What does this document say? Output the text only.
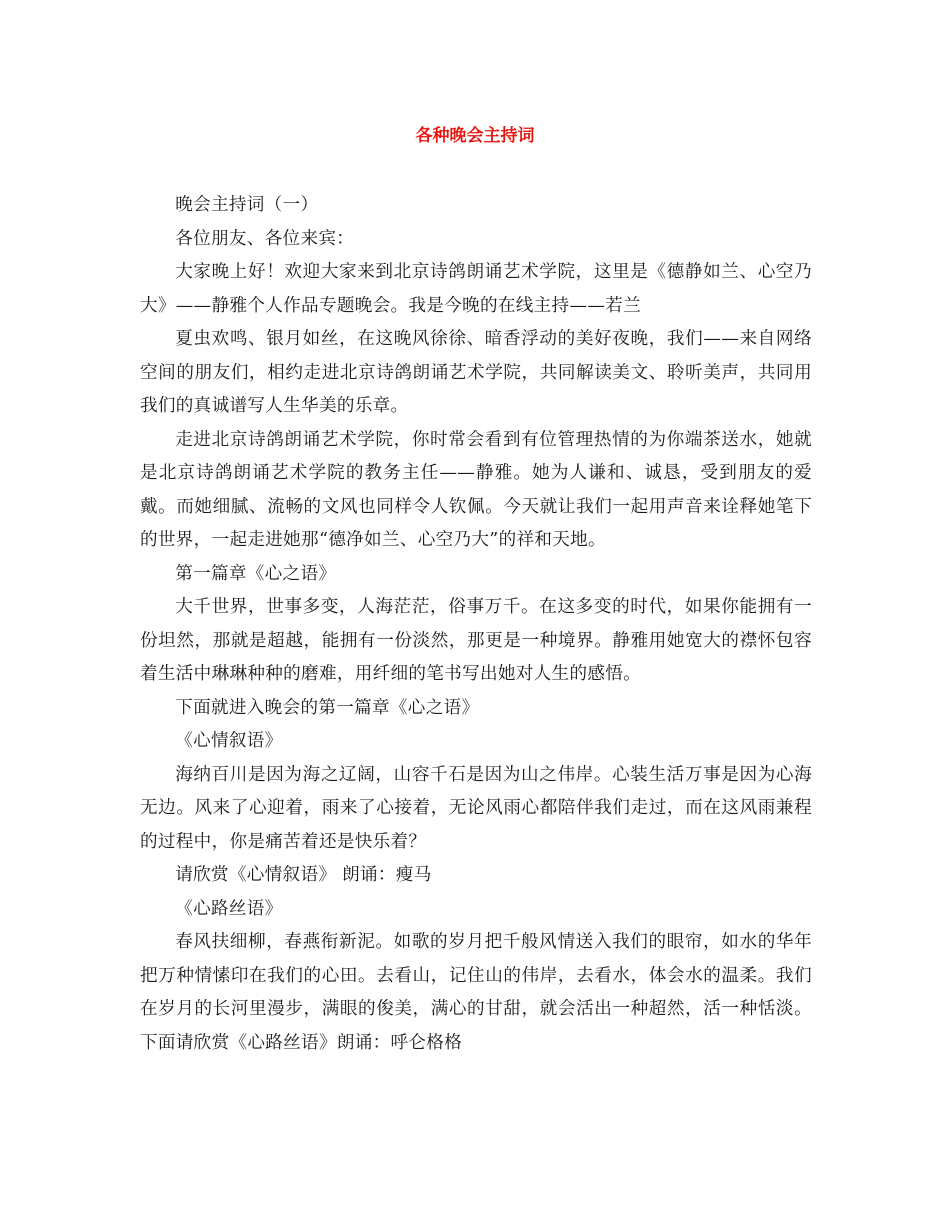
各种晚会主持词

晚会主持词（一）

各位朋友、各位来宾：

大家晚上好！欢迎大家来到北京诗鸽朗诵艺术学院，这里是《德静如兰、心空乃大》——静雅个人作品专题晚会。我是今晚的在线主持——若兰

夏虫欢鸣、银月如丝，在这晚风徐徐、暗香浮动的美好夜晚，我们——来自网络空间的朋友们，相约走进北京诗鸽朗诵艺术学院，共同解读美文、聆听美声，共同用我们的真诚谱写人生华美的乐章。

走进北京诗鸽朗诵艺术学院，你时常会看到有位管理热情的为你端茶送水，她就是北京诗鸽朗诵艺术学院的教务主任——静雅。她为人谦和、诚恳，受到朋友的爱戴。而她细腻、流畅的文风也同样令人钦佩。今天就让我们一起用声音来诠释她笔下的世界，一起走进她那“德净如兰、心空乃大”的祥和天地。

第一篇章《心之语》

大千世界，世事多变，人海茫茫，俗事万千。在这多变的时代，如果你能拥有一份坦然，那就是超越，能拥有一份淡然，那更是一种境界。静雅用她宽大的襟怀包容着生活中琳琳种种的磨难，用纤细的笔书写出她对人生的感悟。

下面就进入晚会的第一篇章《心之语》

《心情叙语》

海纳百川是因为海之辽阔，山容千石是因为山之伟岸。心装生活万事是因为心海无边。风来了心迎着，雨来了心接着，无论风雨心都陪伴我们走过，而在这风雨兼程的过程中，你是痛苦着还是快乐着？

请欣赏《心情叙语》 朗诵：瘦马

《心路丝语》

春风扶细柳，春燕衔新泥。如歌的岁月把千般风情送入我们的眼帘，如水的华年把万种情愫印在我们的心田。去看山，记住山的伟岸，去看水，体会水的温柔。我们在岁月的长河里漫步，满眼的俊美，满心的甘甜，就会活出一种超然，活一种恬淡。下面请欣赏《心路丝语》朗诵：呼仑格格
